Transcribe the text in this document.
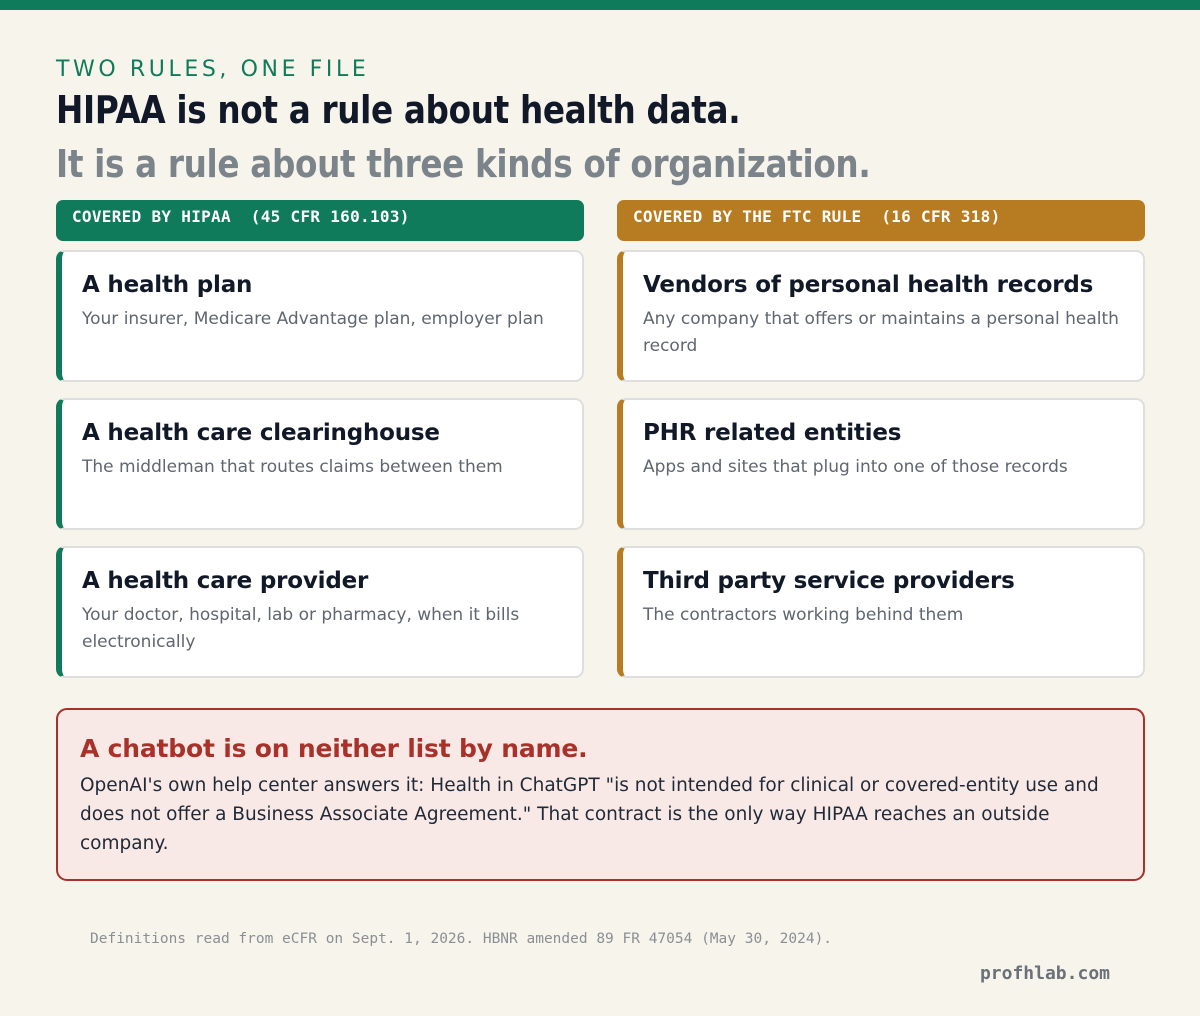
TWO RULES, ONE FILE
HIPAA is not a rule about health data.
It is a rule about three kinds of organization.
COVERED BY HIPAA  (45 CFR 160.103)
A health plan
Your insurer, Medicare Advantage plan, employer plan
A health care clearinghouse
The middleman that routes claims between them
A health care provider
Your doctor, hospital, lab or pharmacy, when it bills electronically
COVERED BY THE FTC RULE  (16 CFR 318)
Vendors of personal health records
Any company that offers or maintains a personal health record
PHR related entities
Apps and sites that plug into one of those records
Third party service providers
The contractors working behind them
A chatbot is on neither list by name.
OpenAI's own help center answers it: Health in ChatGPT "is not intended for clinical or covered-entity use and does not offer a Business Associate Agreement." That contract is the only way HIPAA reaches an outside company.
Definitions read from eCFR on Sept. 1, 2026. HBNR amended 89 FR 47054 (May 30, 2024).
profhlab.com
